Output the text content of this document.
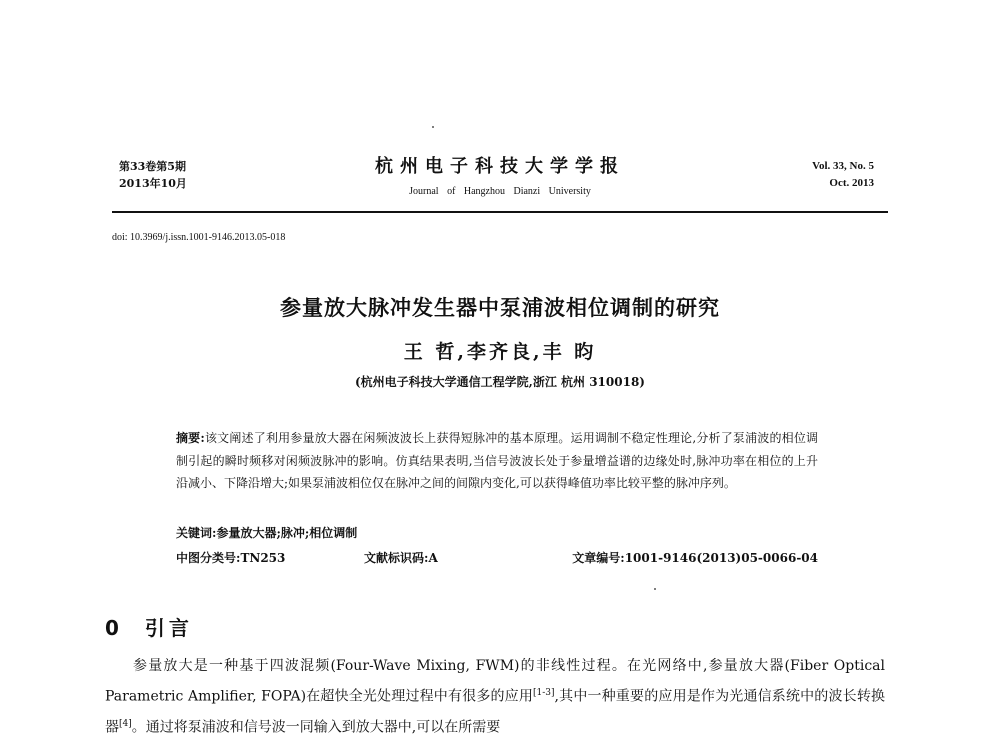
第33卷第5期
2013年10月
杭州电子科技大学学报
Journal of Hangzhou Dianzi University
Vol. 33, No. 5
Oct. 2013
doi: 10.3969/j.issn.1001-9146.2013.05-018
参量放大脉冲发生器中泵浦波相位调制的研究
王 哲,李齐良,丰 昀
(杭州电子科技大学通信工程学院,浙江 杭州 310018)
摘要:该文阐述了利用参量放大器在闲频波波长上获得短脉冲的基本原理。运用调制不稳定性理论,分析了泵浦波的相位调制引起的瞬时频移对闲频波脉冲的影响。仿真结果表明,当信号波波长处于参量增益谱的边缘处时,脉冲功率在相位的上升沿减小、下降沿增大;如果泵浦波相位仅在脉冲之间的间隙内变化,可以获得峰值功率比较平整的脉冲序列。
关键词:参量放大器;脉冲;相位调制
中图分类号:TN253	文献标识码:A	文章编号:1001-9146(2013)05-0066-04
0 引言

参量放大是一种基于四波混频(Four-Wave Mixing, FWM)的非线性过程。在光网络中,参量放大器(Fiber Optical Parametric Amplifier, FOPA)在超快全光处理过程中有很多的应用[1-3],其中一种重要的应用是作为光通信系统中的波长转换器[4]。通过将泵浦波和信号波一同输入到放大器中,可以在所需要
